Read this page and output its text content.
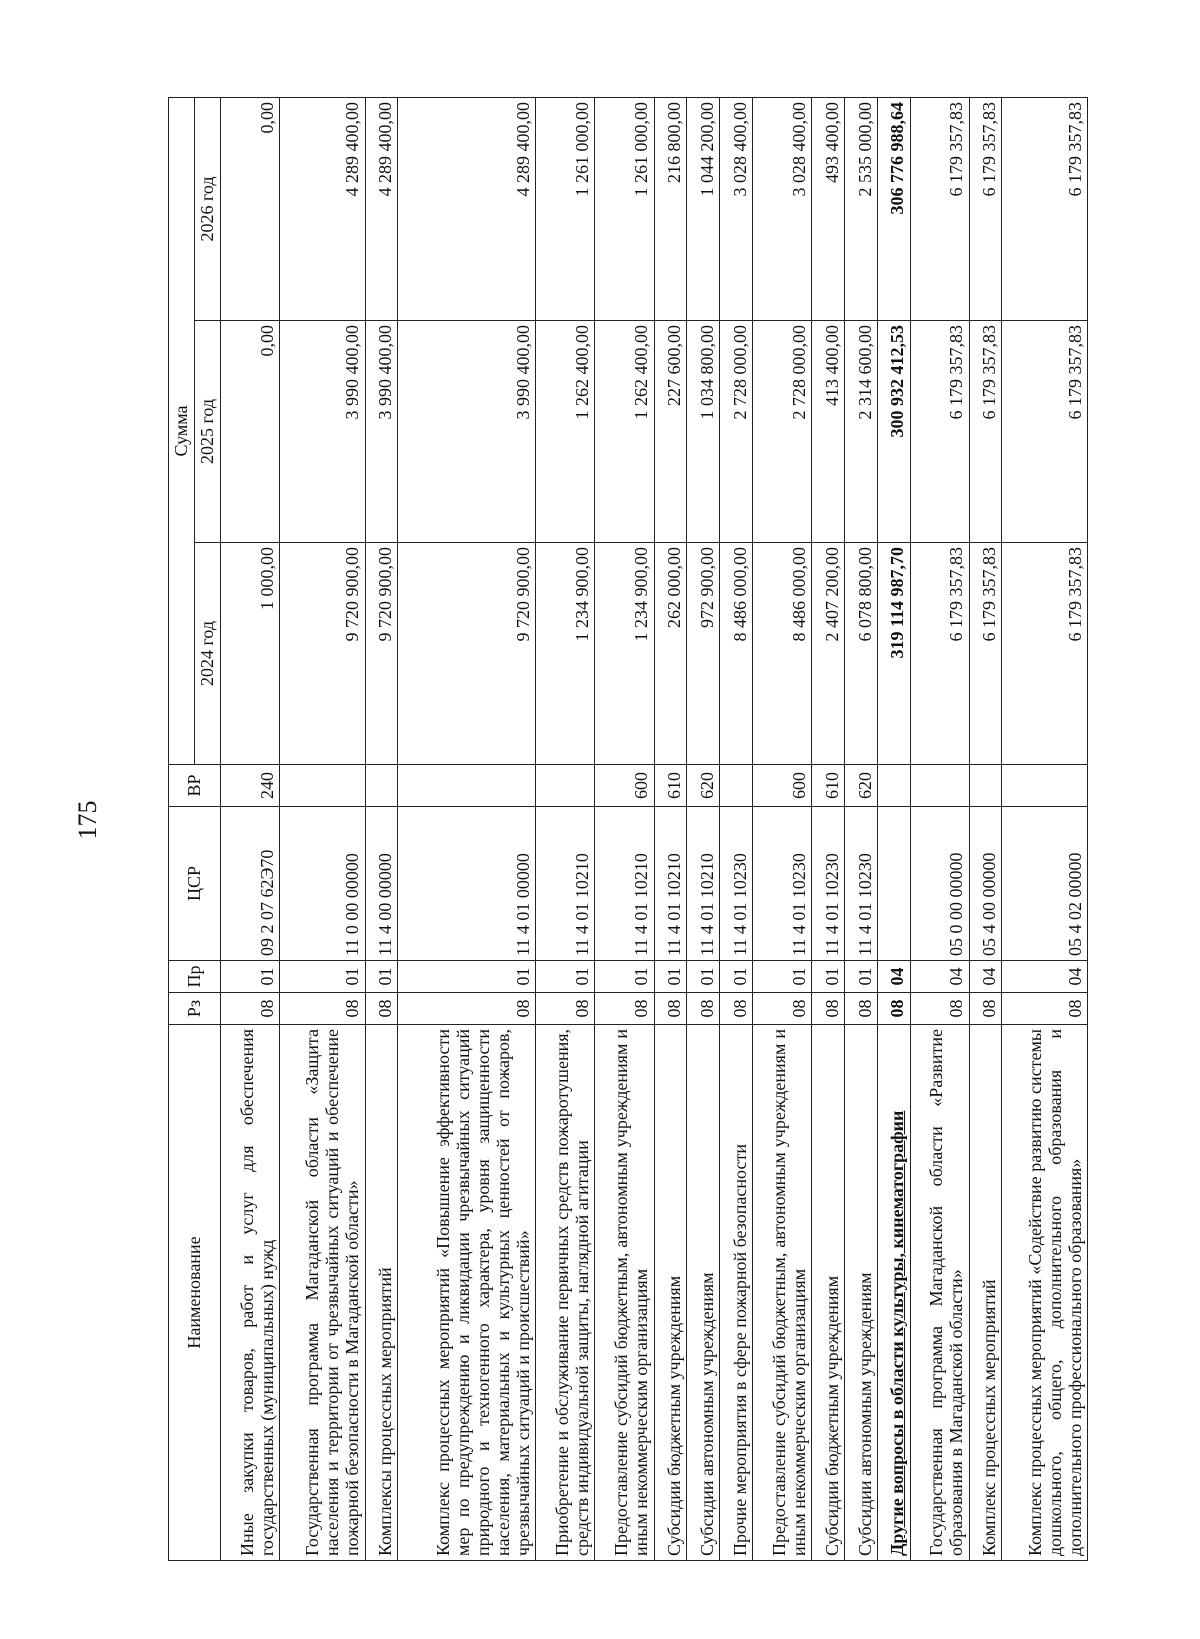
175
Наименование	Рз	Пр	ЦСР	ВР	Сумма		
					2024 год	2025 год	2026 год
Иные закупки товаров, работ и услуг для обеспечения государственных (муниципальных) нужд	08	01	09 2 07 62Э70	240	1 000,00	0,00	0,00
Государственная программа Магаданской области «Защита населения и территории от чрезвычайных ситуаций и обеспечение пожарной безопасности в Магаданской области»	08	01	11 0 00 00000		9 720 900,00	3 990 400,00	4 289 400,00
Комплексы процессных мероприятий	08	01	11 4 00 00000		9 720 900,00	3 990 400,00	4 289 400,00
Комплекс процессных мероприятий «Повышение эффективности мер по предупреждению и ликвидации чрезвычайных ситуаций природного и техногенного характера, уровня защищенности населения, материальных и культурных ценностей от пожаров, чрезвычайных ситуаций и происшествий»	08	01	11 4 01 00000		9 720 900,00	3 990 400,00	4 289 400,00
Приобретение и обслуживание первичных средств пожаротушения, средств индивидуальной защиты, наглядной агитации	08	01	11 4 01 10210		1 234 900,00	1 262 400,00	1 261 000,00
Предоставление субсидий бюджетным, автономным учреждениям и иным некоммерческим организациям	08	01	11 4 01 10210	600	1 234 900,00	1 262 400,00	1 261 000,00
Субсидии бюджетным учреждениям	08	01	11 4 01 10210	610	262 000,00	227 600,00	216 800,00
Субсидии автономным учреждениям	08	01	11 4 01 10210	620	972 900,00	1 034 800,00	1 044 200,00
Прочие мероприятия в сфере пожарной безопасности	08	01	11 4 01 10230		8 486 000,00	2 728 000,00	3 028 400,00
Предоставление субсидий бюджетным, автономным учреждениям и иным некоммерческим организациям	08	01	11 4 01 10230	600	8 486 000,00	2 728 000,00	3 028 400,00
Субсидии бюджетным учреждениям	08	01	11 4 01 10230	610	2 407 200,00	413 400,00	493 400,00
Субсидии автономным учреждениям	08	01	11 4 01 10230	620	6 078 800,00	2 314 600,00	2 535 000,00
Другие вопросы в области культуры, кинематографии	08	04			319 114 987,70	300 932 412,53	306 776 988,64
Государственная программа Магаданской области «Развитие образования в Магаданской области»	08	04	05 0 00 00000		6 179 357,83	6 179 357,83	6 179 357,83
Комплекс процессных мероприятий	08	04	05 4 00 00000		6 179 357,83	6 179 357,83	6 179 357,83
Комплекс процессных мероприятий «Содействие развитию системы дошкольного, общего, дополнительного образования и дополнительного профессионального образования»	08	04	05 4 02 00000		6 179 357,83	6 179 357,83	6 179 357,83
